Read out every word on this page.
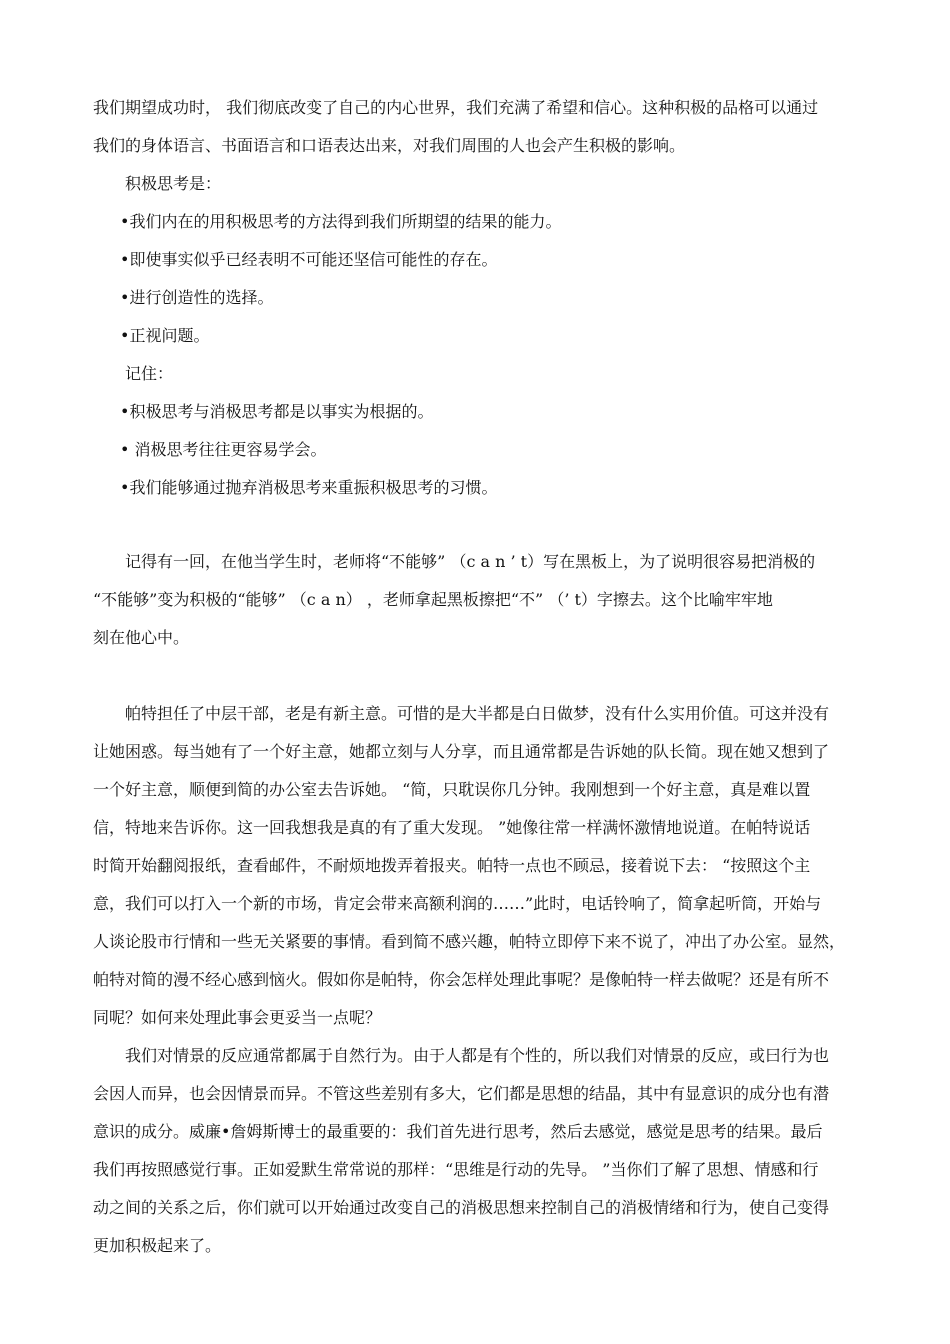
我们期望成功时， 我们彻底改变了自己的内心世界，我们充满了希望和信心。这种积极的品格可以通过
我们的身体语言、书面语言和口语表达出来，对我们周围的人也会产生积极的影响。
积极思考是：
•我们内在的用积极思考的方法得到我们所期望的结果的能力。
•即使事实似乎已经表明不可能还坚信可能性的存在。
•进行创造性的选择。
•正视问题。
记住：
•积极思考与消极思考都是以事实为根据的。
• 消极思考往往更容易学会。
•我们能够通过抛弃消极思考来重振积极思考的习惯。
记得有一回，在他当学生时，老师将“不能够” （c a n ’ t）写在黑板上，为了说明很容易把消极的
“不能够”变为积极的“能够” （c a n） ，老师拿起黑板擦把“不” （’ t）字擦去。这个比喻牢牢地
刻在他心中。
帕特担任了中层干部，老是有新主意。可惜的是大半都是白日做梦，没有什么实用价值。可这并没有
让她困惑。每当她有了一个好主意，她都立刻与人分享，而且通常都是告诉她的队长简。现在她又想到了
一个好主意，顺便到简的办公室去告诉她。 “简，只耽误你几分钟。我刚想到一个好主意，真是难以置
信，特地来告诉你。这一回我想我是真的有了重大发现。 ”她像往常一样满怀激情地说道。在帕特说话
时简开始翻阅报纸，查看邮件，不耐烦地拨弄着报夹。帕特一点也不顾忌，接着说下去： “按照这个主
意，我们可以打入一个新的市场，肯定会带来高额利润的……”此时，电话铃响了，简拿起听筒，开始与
人谈论股市行情和一些无关紧要的事情。看到简不感兴趣，帕特立即停下来不说了，冲出了办公室。显然，
帕特对简的漫不经心感到恼火。假如你是帕特，你会怎样处理此事呢？是像帕特一样去做呢？还是有所不
同呢？如何来处理此事会更妥当一点呢？
我们对情景的反应通常都属于自然行为。由于人都是有个性的，所以我们对情景的反应，或曰行为也
会因人而异，也会因情景而异。不管这些差别有多大，它们都是思想的结晶，其中有显意识的成分也有潜
意识的成分。威廉•詹姆斯博士的最重要的：我们首先进行思考，然后去感觉，感觉是思考的结果。最后
我们再按照感觉行事。正如爱默生常常说的那样：“思维是行动的先导。 ”当你们了解了思想、情感和行
动之间的关系之后，你们就可以开始通过改变自己的消极思想来控制自己的消极情绪和行为，使自己变得
更加积极起来了。
